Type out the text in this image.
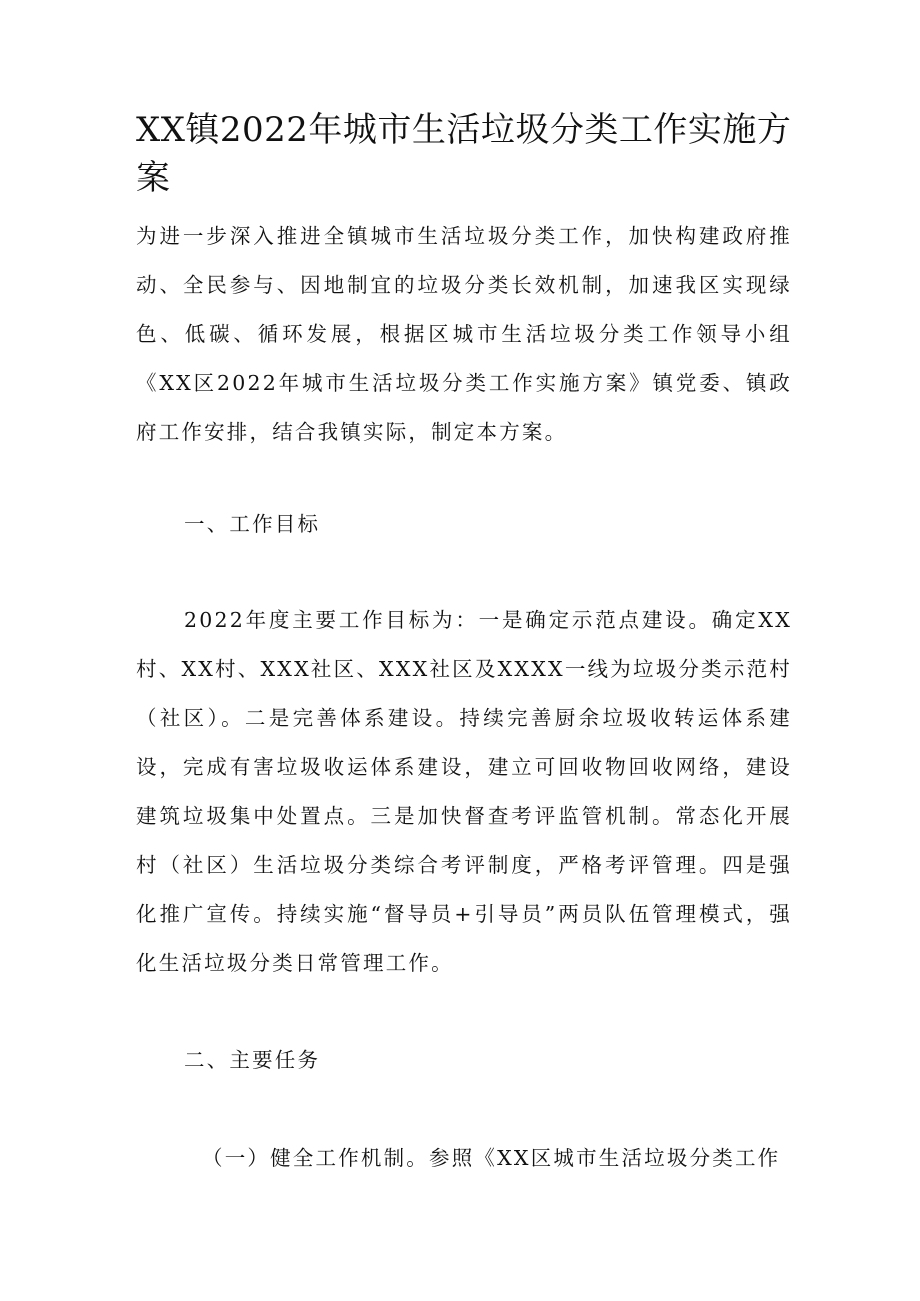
XX镇2022年城市生活垃圾分类工作实施方案

为进一步深入推进全镇城市生活垃圾分类工作，加快构建政府推动、全民参与、因地制宜的垃圾分类长效机制，加速我区实现绿色、低碳、循环发展，根据区城市生活垃圾分类工作领导小组《XX区2022年城市生活垃圾分类工作实施方案》镇党委、镇政府工作安排，结合我镇实际，制定本方案。

一、工作目标

2022年度主要工作目标为：一是确定示范点建设。确定XX村、XX村、XXX社区、XXX社区及XXXX一线为垃圾分类示范村（社区）。二是完善体系建设。持续完善厨余垃圾收转运体系建设，完成有害垃圾收运体系建设，建立可回收物回收网络，建设建筑垃圾集中处置点。三是加快督查考评监管机制。常态化开展村（社区）生活垃圾分类综合考评制度，严格考评管理。四是强化推广宣传。持续实施“督导员+引导员”两员队伍管理模式，强化生活垃圾分类日常管理工作。

二、主要任务

（一）健全工作机制。参照《XX区城市生活垃圾分类工作
